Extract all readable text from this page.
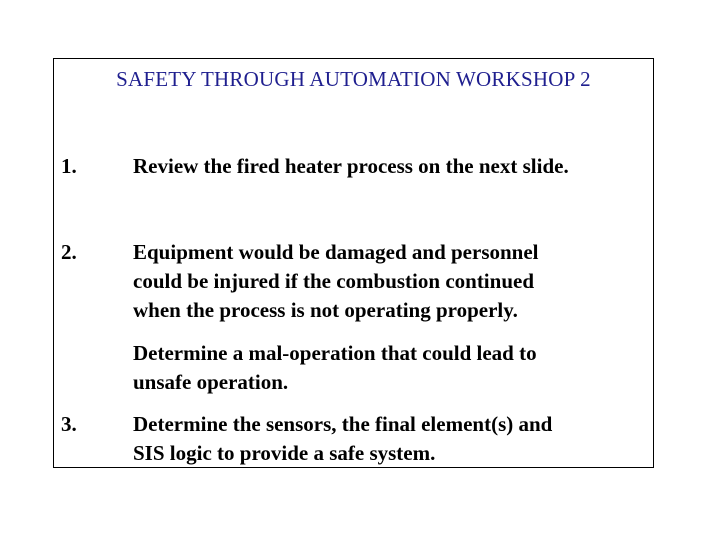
SAFETY THROUGH AUTOMATION WORKSHOP 2
1.	Review the fired heater process on the next slide.
2.	Equipment would be damaged and personnel
could be injured if the combustion continued
when the process is not operating properly.
Determine a mal-operation that could lead to
unsafe operation.
3.	Determine the sensors, the final element(s) and
SIS logic to provide a safe system.
